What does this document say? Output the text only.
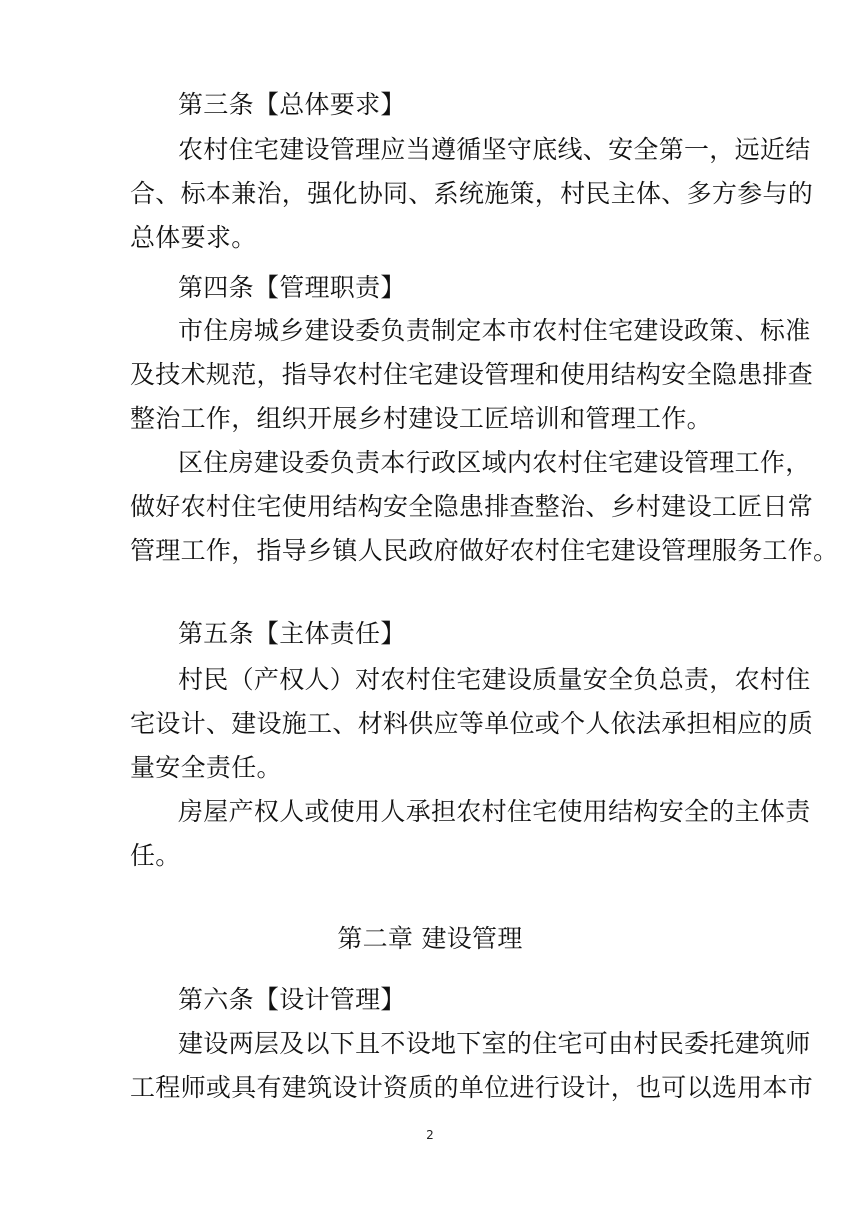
第三条【总体要求】
农村住宅建设管理应当遵循坚守底线、安全第一，远近结
合、标本兼治，强化协同、系统施策，村民主体、多方参与的
总体要求。
第四条【管理职责】
市住房城乡建设委负责制定本市农村住宅建设政策、标准
及技术规范，指导农村住宅建设管理和使用结构安全隐患排查
整治工作，组织开展乡村建设工匠培训和管理工作。
区住房建设委负责本行政区域内农村住宅建设管理工作，
做好农村住宅使用结构安全隐患排查整治、乡村建设工匠日常
管理工作，指导乡镇人民政府做好农村住宅建设管理服务工作。
第五条【主体责任】
村民（产权人）对农村住宅建设质量安全负总责，农村住
宅设计、建设施工、材料供应等单位或个人依法承担相应的质
量安全责任。
房屋产权人或使用人承担农村住宅使用结构安全的主体责
任。
第二章 建设管理
第六条【设计管理】
建设两层及以下且不设地下室的住宅可由村民委托建筑师
工程师或具有建筑设计资质的单位进行设计，也可以选用本市
2
